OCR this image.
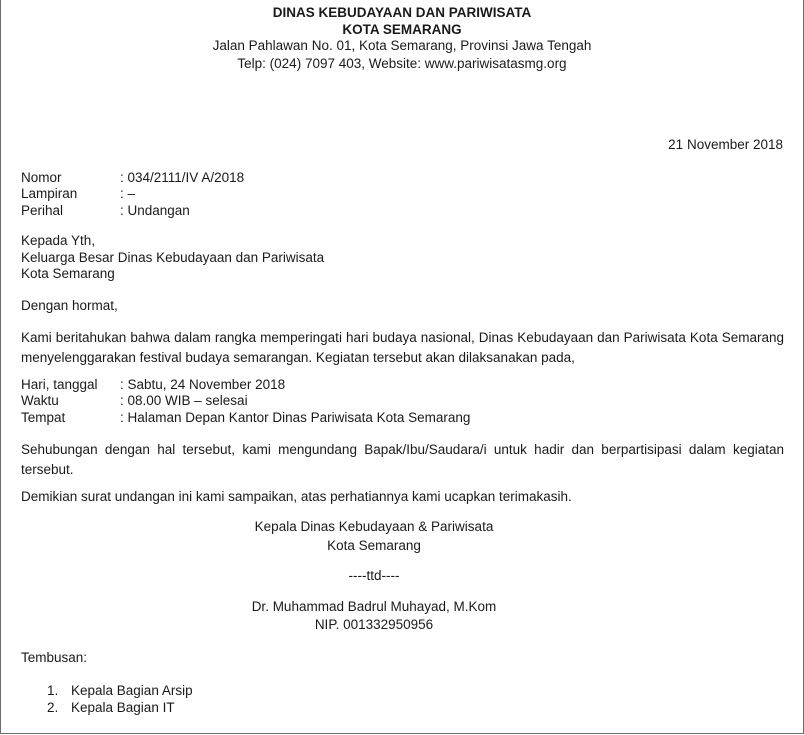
DINAS KEBUDAYAAN DAN PARIWISATA
KOTA SEMARANG
Jalan Pahlawan No. 01, Kota Semarang, Provinsi Jawa Tengah
Telp: (024) 7097 403, Website: www.pariwisatasmg.org
21 November 2018
Nomor	: 034/2111/IV A/2018
Lampiran	: –
Perihal	: Undangan
Kepada Yth,
Keluarga Besar Dinas Kebudayaan dan Pariwisata
Kota Semarang
Dengan hormat,
Kami beritahukan bahwa dalam rangka memperingati hari budaya nasional, Dinas Kebudayaan dan Pariwisata Kota Semarang menyelenggarakan festival budaya semarangan. Kegiatan tersebut akan dilaksanakan pada,
Hari, tanggal : Sabtu, 24 November 2018
Waktu	: 08.00 WIB – selesai
Tempat	: Halaman Depan Kantor Dinas Pariwisata Kota Semarang
Sehubungan dengan hal tersebut, kami mengundang Bapak/Ibu/Saudara/i untuk hadir dan berpartisipasi dalam kegiatan tersebut.
Demikian surat undangan ini kami sampaikan, atas perhatiannya kami ucapkan terimakasih.
Kepala Dinas Kebudayaan & Pariwisata
Kota Semarang
----ttd----
Dr. Muhammad Badrul Muhayad, M.Kom
NIP. 001332950956
Tembusan:
1. Kepala Bagian Arsip
2. Kepala Bagian IT
